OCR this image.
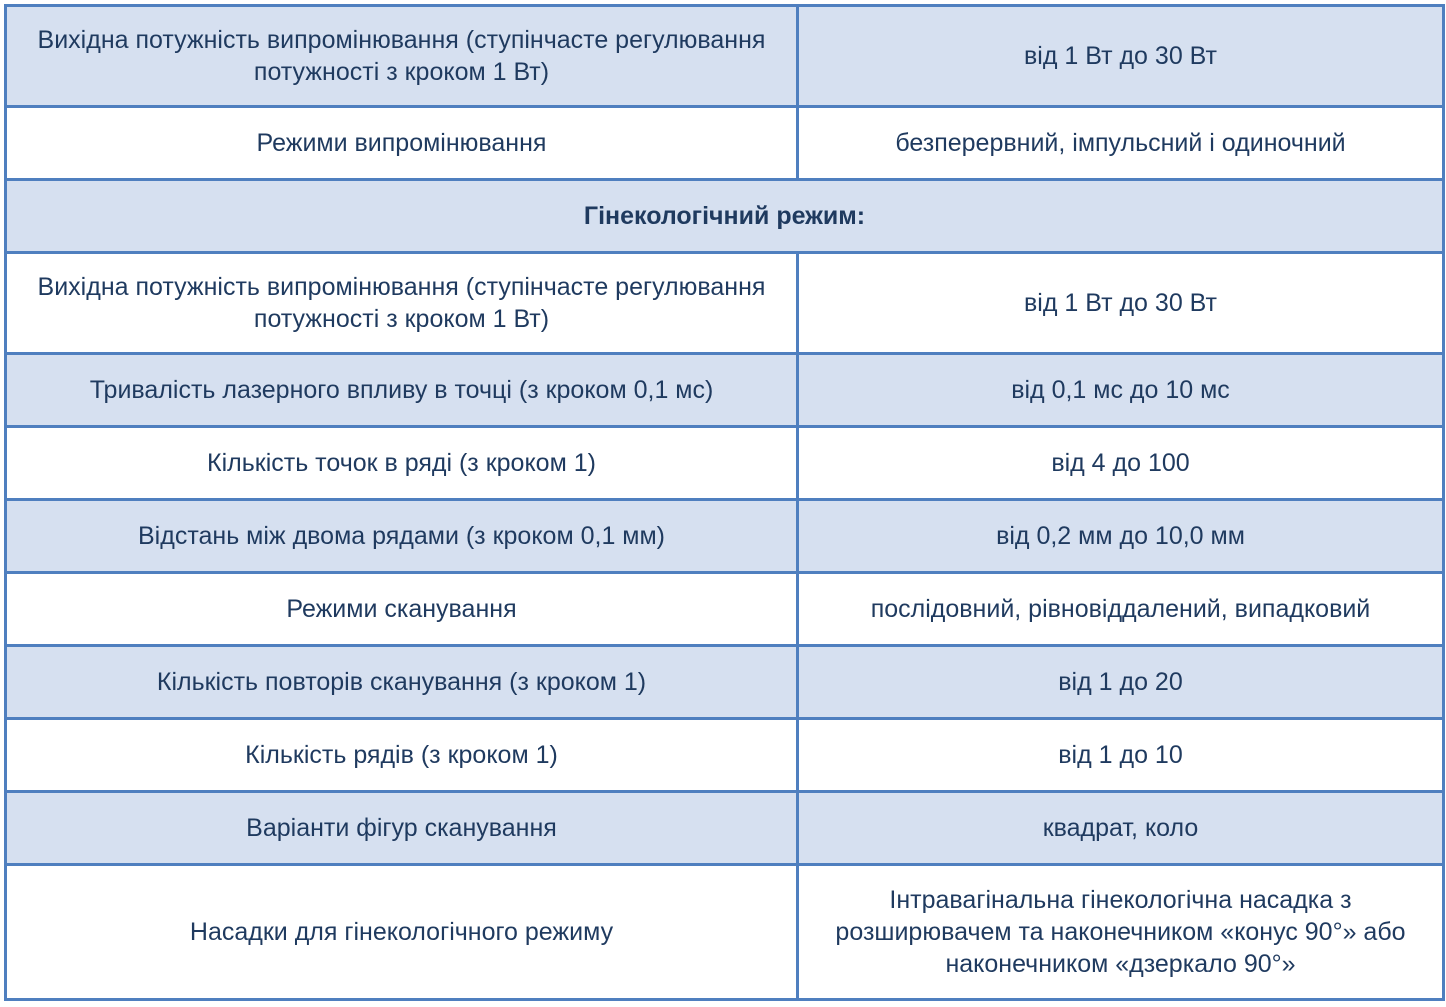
Вихідна потужність випромінювання (ступінчасте регулювання потужності з кроком 1 Вт)	від 1 Вт до 30 Вт
Режими випромінювання	безперервний, імпульсний і одиночний
Гінекологічний режим:	
Вихідна потужність випромінювання (ступінчасте регулювання потужності з кроком 1 Вт)	від 1 Вт до 30 Вт
Тривалість лазерного впливу в точці (з кроком 0,1 мс)	від 0,1 мс до 10 мс
Кількість точок в ряді (з кроком 1)	від 4 до 100
Відстань між двома рядами (з кроком 0,1 мм)	від 0,2 мм до 10,0 мм
Режими сканування	послідовний, рівновіддалений, випадковий
Кількість повторів сканування (з кроком 1)	від 1 до 20
Кількість рядів (з кроком 1)	від 1 до 10
Варіанти фігур сканування	квадрат, коло
Насадки для гінекологічного режиму	Інтравагінальна гінекологічна насадка з розширювачем та наконечником «конус 90°» або наконечником «дзеркало 90°»
